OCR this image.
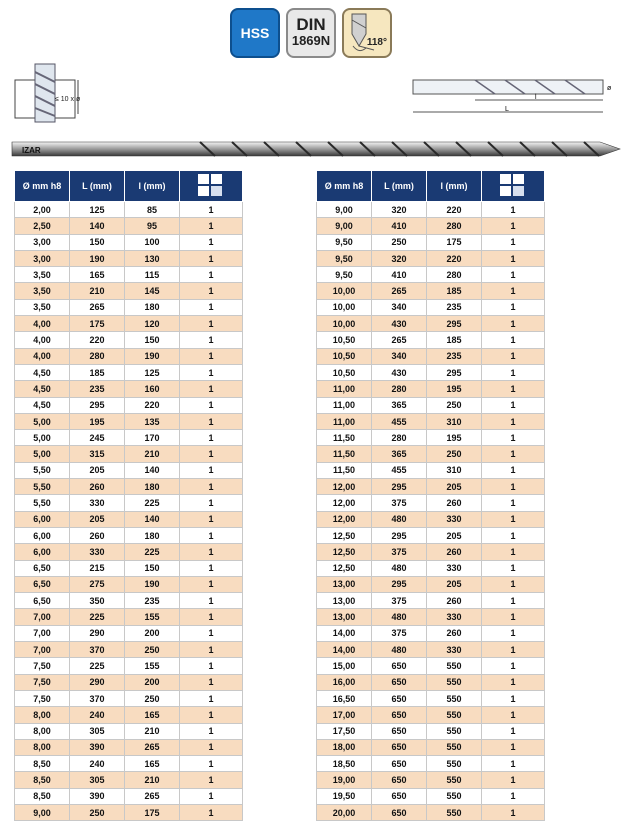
HSS DIN
1869N	118°
≤ 10 x ø	l
L
ø
IZAR
Ø mm h8	L (mm)	l (mm)	
2,00	125	85	1
2,50	140	95	1
3,00	150	100	1
3,00	190	130	1
3,50	165	115	1
3,50	210	145	1
3,50	265	180	1
4,00	175	120	1
4,00	220	150	1
4,00	280	190	1
4,50	185	125	1
4,50	235	160	1
4,50	295	220	1
5,00	195	135	1
5,00	245	170	1
5,00	315	210	1
5,50	205	140	1
5,50	260	180	1
5,50	330	225	1
6,00	205	140	1
6,00	260	180	1
6,00	330	225	1
6,50	215	150	1
6,50	275	190	1
6,50	350	235	1
7,00	225	155	1
7,00	290	200	1
7,00	370	250	1
7,50	225	155	1
7,50	290	200	1
7,50	370	250	1
8,00	240	165	1
8,00	305	210	1
8,00	390	265	1
8,50	240	165	1
8,50	305	210	1
8,50	390	265	1
9,00	250	175	1
Ø mm h8	L (mm)	l (mm)	
9,00	320	220	1
9,00	410	280	1
9,50	250	175	1
9,50	320	220	1
9,50	410	280	1
10,00	265	185	1
10,00	340	235	1
10,00	430	295	1
10,50	265	185	1
10,50	340	235	1
10,50	430	295	1
11,00	280	195	1
11,00	365	250	1
11,00	455	310	1
11,50	280	195	1
11,50	365	250	1
11,50	455	310	1
12,00	295	205	1
12,00	375	260	1
12,00	480	330	1
12,50	295	205	1
12,50	375	260	1
12,50	480	330	1
13,00	295	205	1
13,00	375	260	1
13,00	480	330	1
14,00	375	260	1
14,00	480	330	1
15,00	650	550	1
16,00	650	550	1
16,50	650	550	1
17,00	650	550	1
17,50	650	550	1
18,00	650	550	1
18,50	650	550	1
19,00	650	550	1
19,50	650	550	1
20,00	650	550	1
